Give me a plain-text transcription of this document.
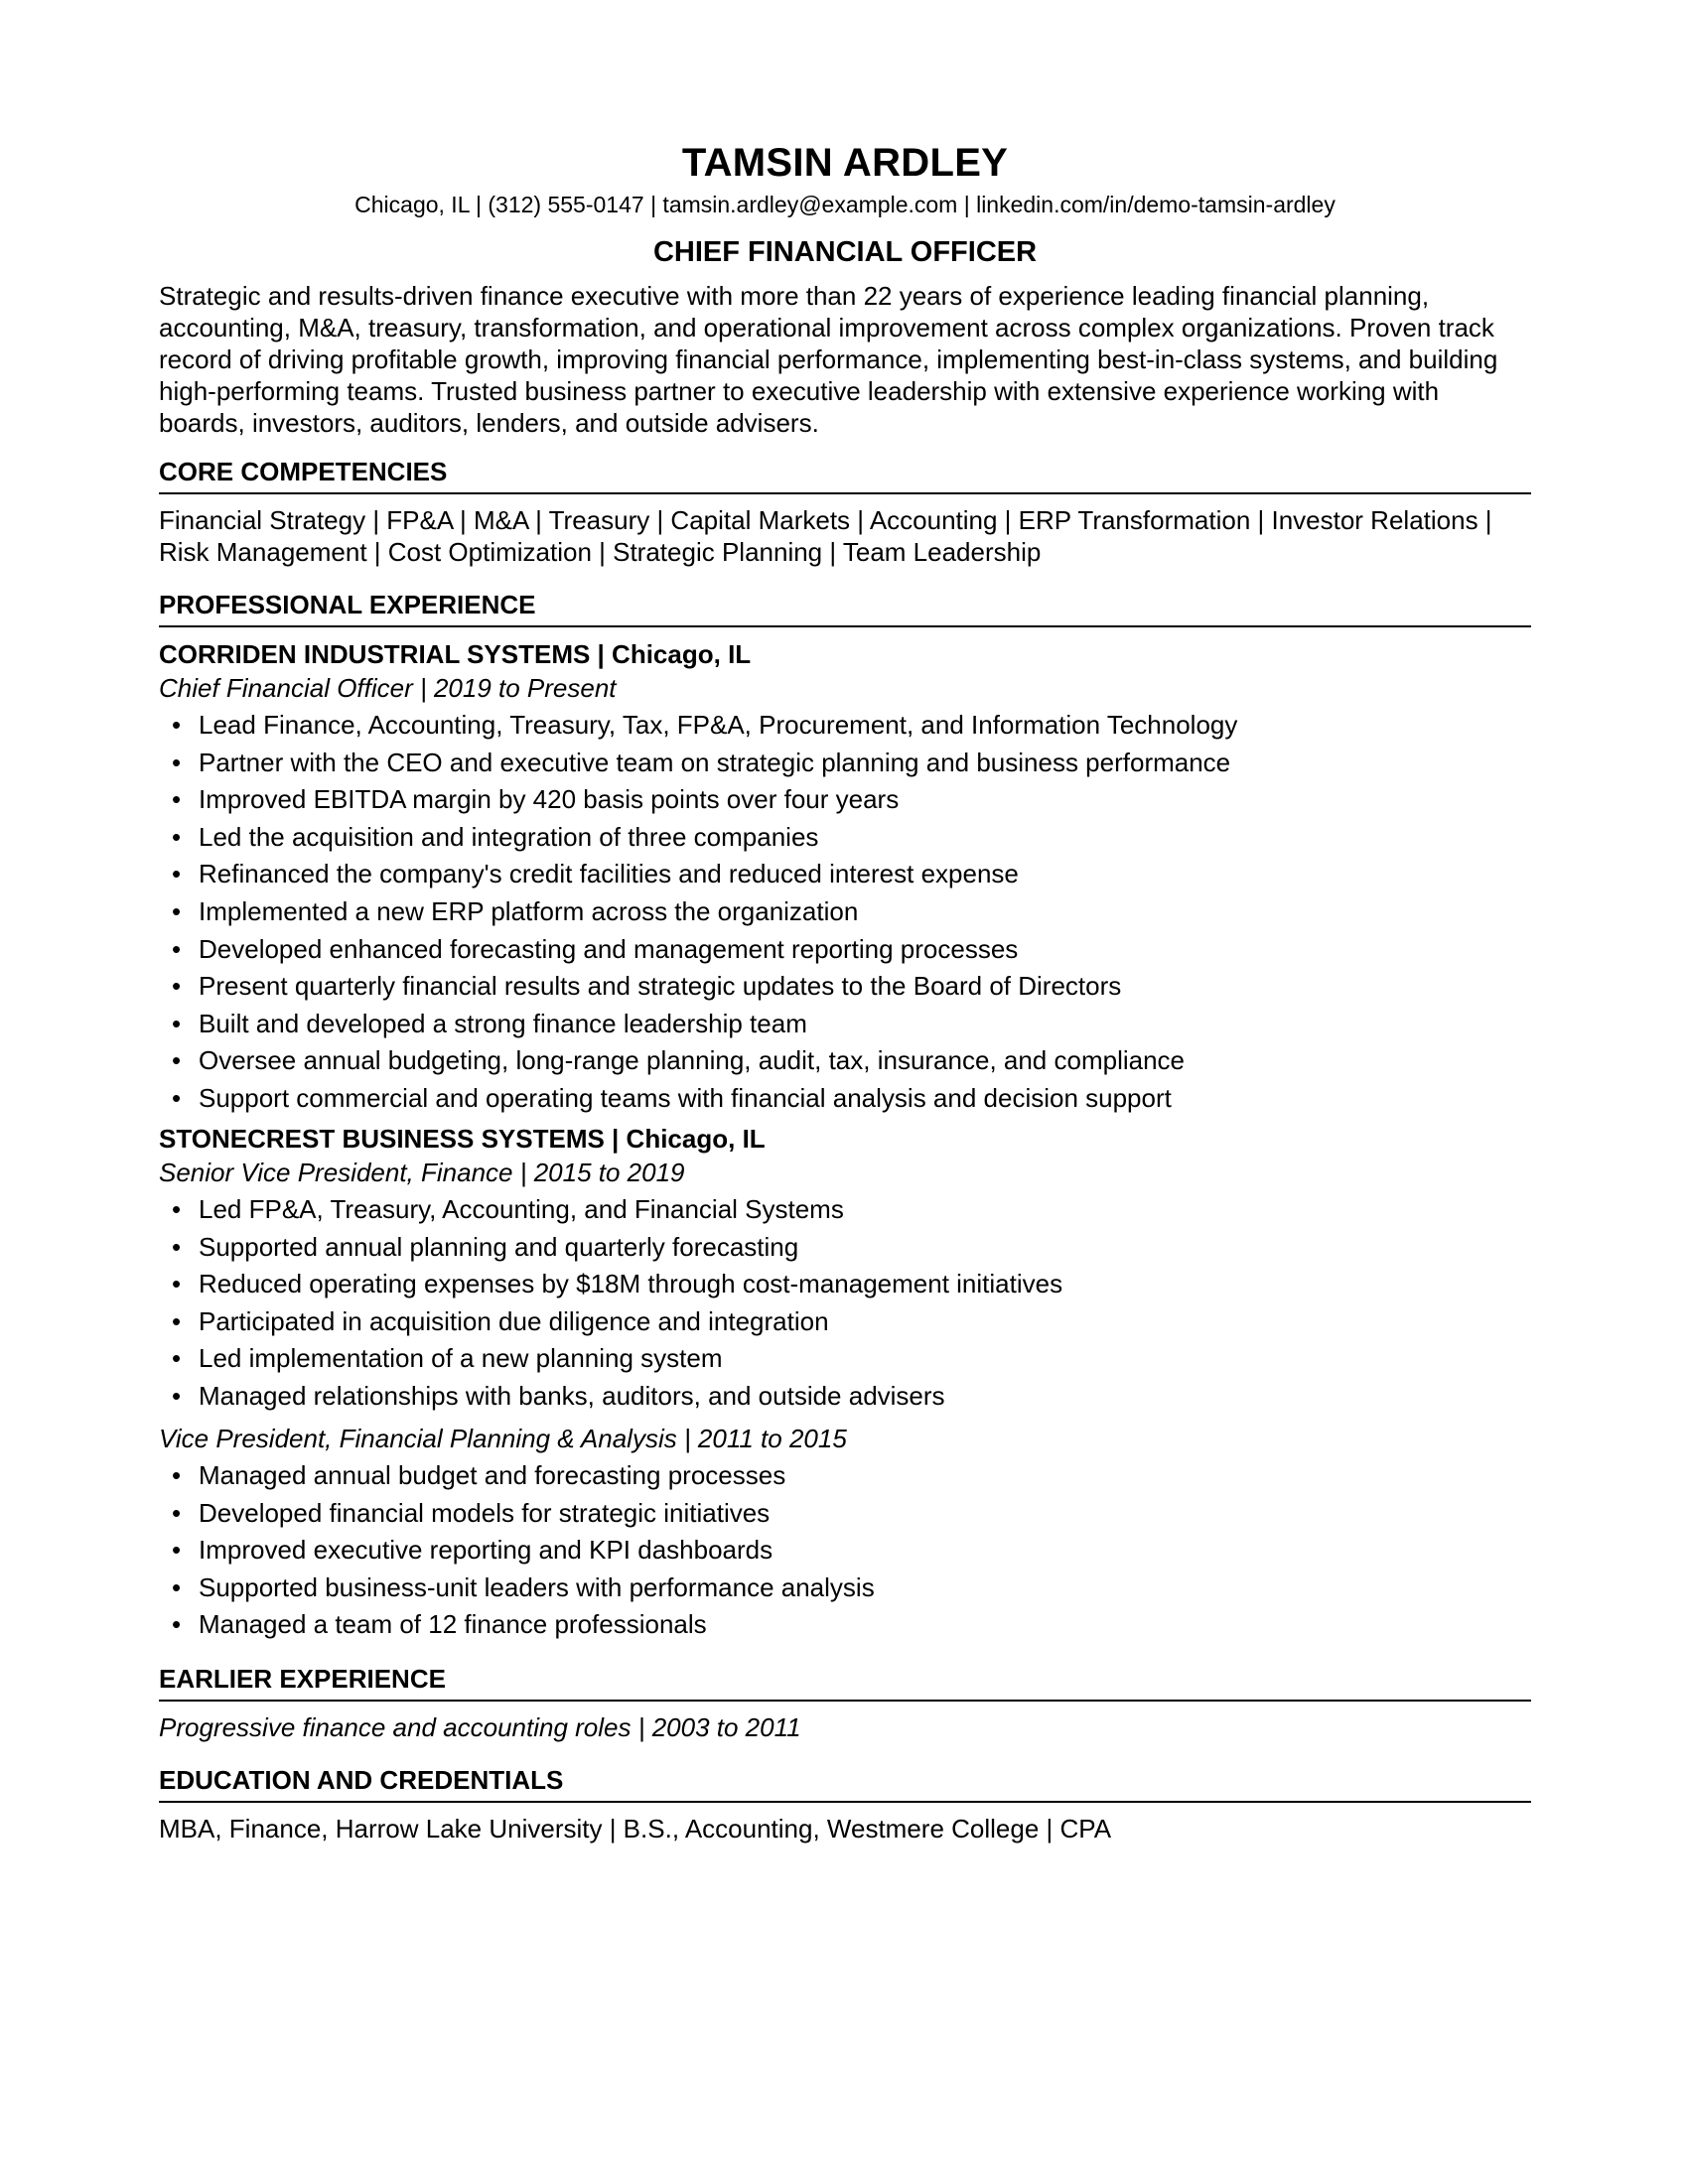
TAMSIN ARDLEY
Chicago, IL | (312) 555-0147 | tamsin.ardley@example.com | linkedin.com/in/demo-tamsin-ardley
CHIEF FINANCIAL OFFICER
Strategic and results-driven finance executive with more than 22 years of experience leading financial planning, accounting, M&A, treasury, transformation, and operational improvement across complex organizations. Proven track record of driving profitable growth, improving financial performance, implementing best-in-class systems, and building high-performing teams. Trusted business partner to executive leadership with extensive experience working with boards, investors, auditors, lenders, and outside advisers.
CORE COMPETENCIES
Financial Strategy | FP&A | M&A | Treasury | Capital Markets | Accounting | ERP Transformation | Investor Relations | Risk Management | Cost Optimization | Strategic Planning | Team Leadership
PROFESSIONAL EXPERIENCE
CORRIDEN INDUSTRIAL SYSTEMS | Chicago, IL
Chief Financial Officer | 2019 to Present
• Lead Finance, Accounting, Treasury, Tax, FP&A, Procurement, and Information Technology
• Partner with the CEO and executive team on strategic planning and business performance
• Improved EBITDA margin by 420 basis points over four years
• Led the acquisition and integration of three companies
• Refinanced the company's credit facilities and reduced interest expense
• Implemented a new ERP platform across the organization
• Developed enhanced forecasting and management reporting processes
• Present quarterly financial results and strategic updates to the Board of Directors
• Built and developed a strong finance leadership team
• Oversee annual budgeting, long-range planning, audit, tax, insurance, and compliance
• Support commercial and operating teams with financial analysis and decision support
STONECREST BUSINESS SYSTEMS | Chicago, IL
Senior Vice President, Finance | 2015 to 2019
• Led FP&A, Treasury, Accounting, and Financial Systems
• Supported annual planning and quarterly forecasting
• Reduced operating expenses by $18M through cost-management initiatives
• Participated in acquisition due diligence and integration
• Led implementation of a new planning system
• Managed relationships with banks, auditors, and outside advisers
Vice President, Financial Planning & Analysis | 2011 to 2015
• Managed annual budget and forecasting processes
• Developed financial models for strategic initiatives
• Improved executive reporting and KPI dashboards
• Supported business-unit leaders with performance analysis
• Managed a team of 12 finance professionals
EARLIER EXPERIENCE
Progressive finance and accounting roles | 2003 to 2011
EDUCATION AND CREDENTIALS
MBA, Finance, Harrow Lake University | B.S., Accounting, Westmere College | CPA
